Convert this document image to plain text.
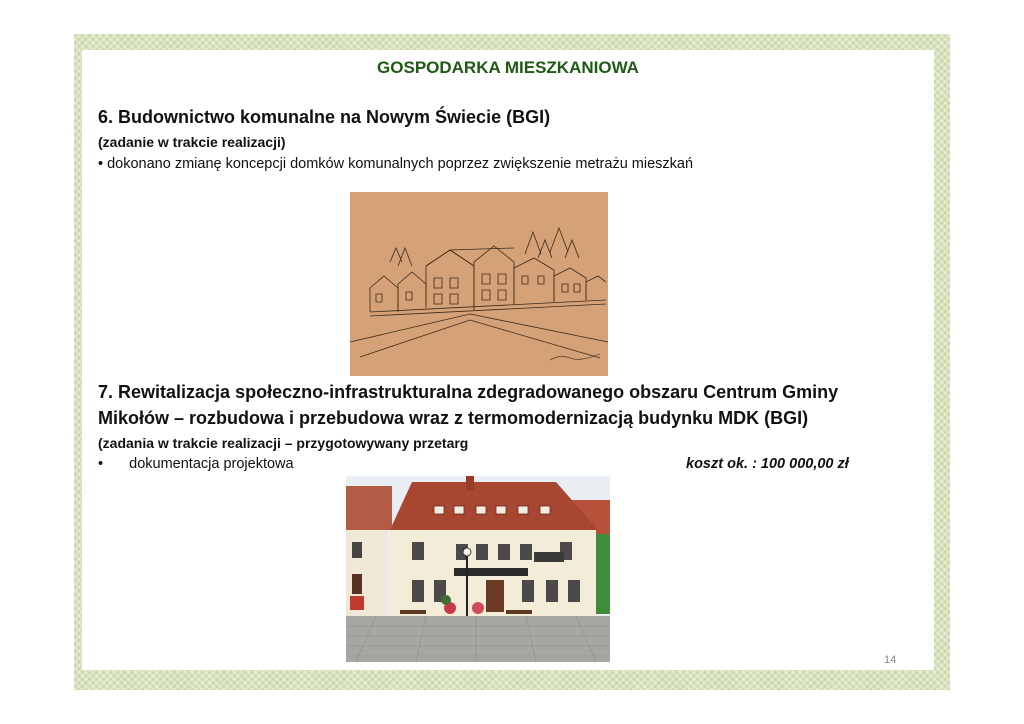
GOSPODARKA MIESZKANIOWA
6. Budownictwo komunalne na Nowym Świecie (BGI)
(zadanie w trakcie realizacji)
• dokonano zmianę koncepcji domków komunalnych poprzez zwiększenie metrażu mieszkań
7. Rewitalizacja społeczno-infrastrukturalna zdegradowanego obszaru Centrum Gminy
Mikołów – rozbudowa i przebudowa wraz z termomodernizacją budynku MDK (BGI)
(zadania w trakcie realizacji – przygotowywany przetarg
• dokumentacja projektowa	koszt ok. : 100 000,00 zł
14
